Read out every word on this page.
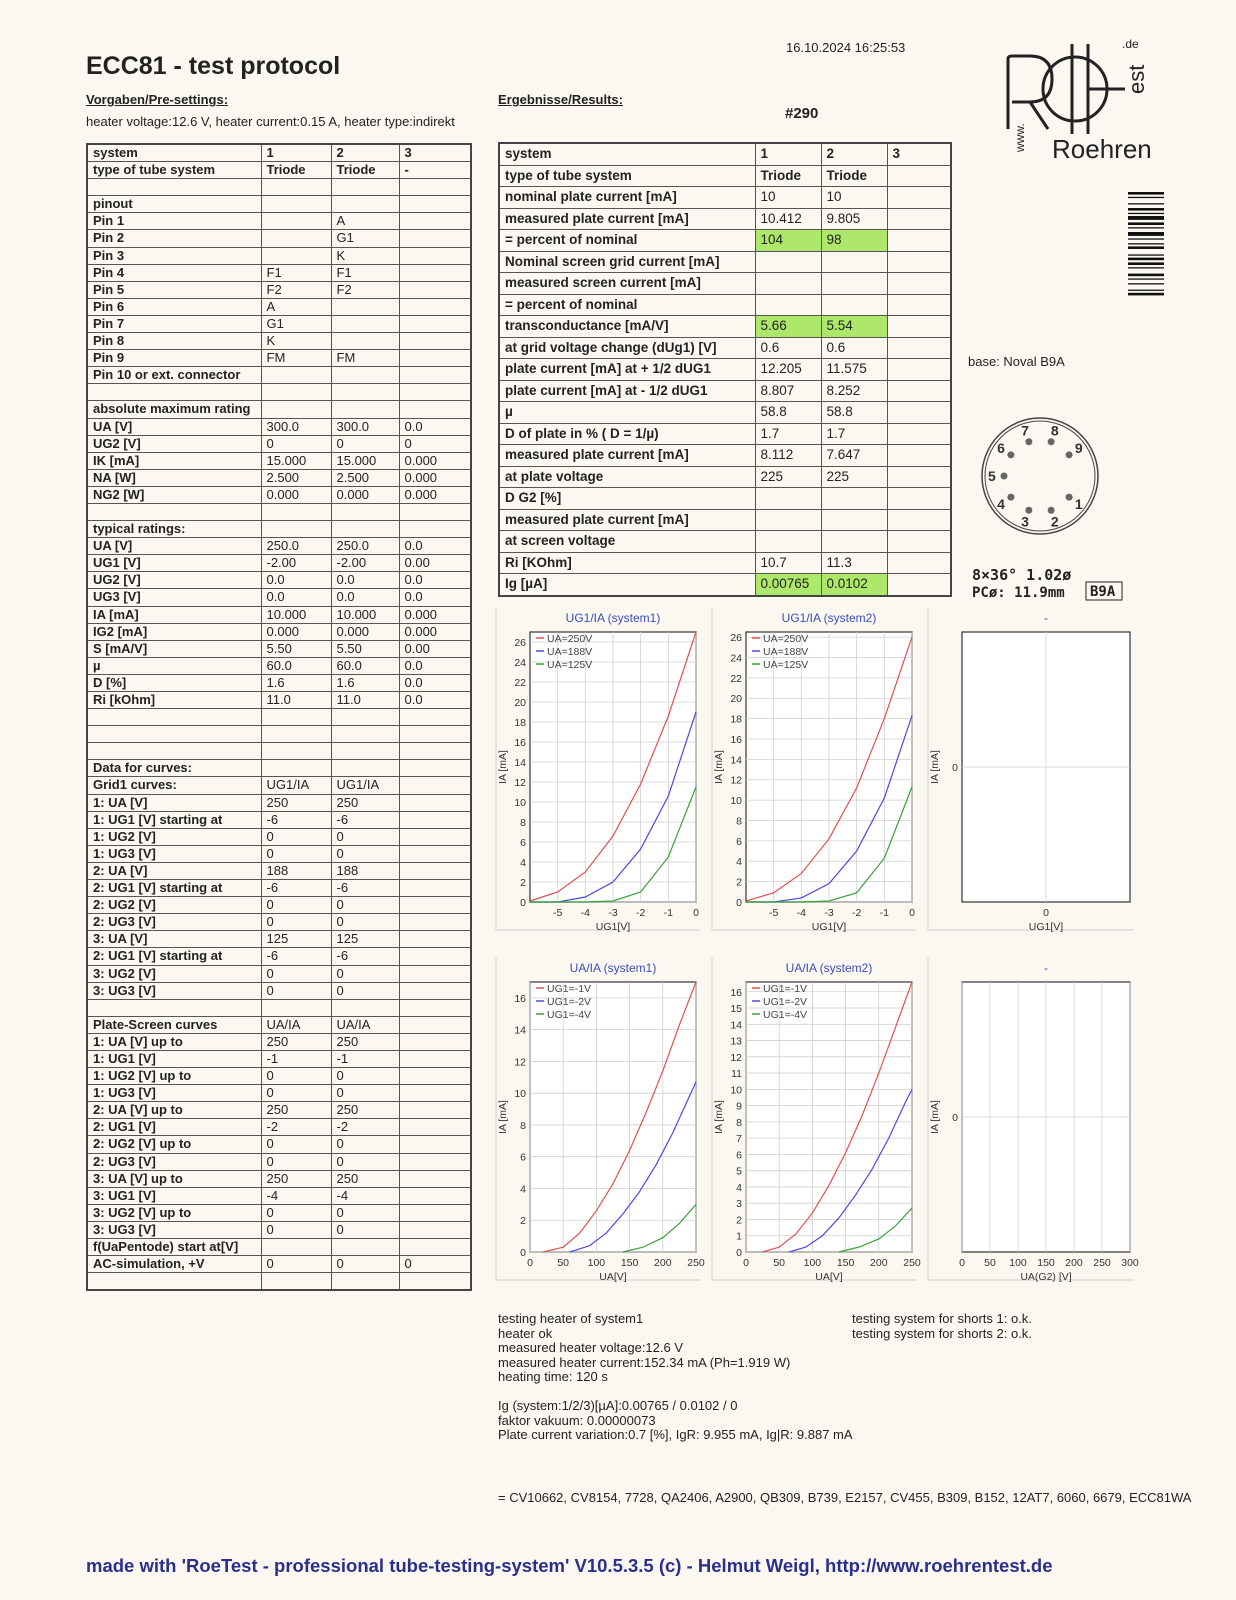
ECC81 - test protocol
16.10.2024 16:25:53
#290
Vorgaben/Pre-settings:
heater voltage:12.6 V, heater current:0.15 A, heater type:indirekt
Ergebnisse/Results:
system	1	2	3
type of tube system	Triode	Triode	-

pinout			
Pin 1		A	
Pin 2		G1	
Pin 3		K	
Pin 4	F1	F1	
Pin 5	F2	F2	
Pin 6	A		
Pin 7	G1		
Pin 8	K		
Pin 9	FM	FM	
Pin 10 or ext. connector			

absolute maximum rating			
UA [V]	300.0	300.0	0.0
UG2 [V]	0	0	0
IK [mA]	15.000	15.000	0.000
NA [W]	2.500	2.500	0.000
NG2 [W]	0.000	0.000	0.000

typical ratings:			
UA [V]	250.0	250.0	0.0
UG1 [V]	-2.00	-2.00	0.00
UG2 [V]	0.0	0.0	0.0
UG3 [V]	0.0	0.0	0.0
IA [mA]	10.000	10.000	0.000
IG2 [mA]	0.000	0.000	0.000
S [mA/V]	5.50	5.50	0.00
µ	60.0	60.0	0.0
D [%]	1.6	1.6	0.0
Ri [kOhm]	11.0	11.0	0.0

Data for curves:			
Grid1 curves:	UG1/IA	UG1/IA	
1: UA [V]	250	250	
1: UG1 [V] starting at	-6	-6	
1: UG2 [V]	0	0	
1: UG3 [V]	0	0	
2: UA [V]	188	188	
2: UG1 [V] starting at	-6	-6	
2: UG2 [V]	0	0	
2: UG3 [V]	0	0	
3: UA [V]	125	125	
2: UG1 [V] starting at	-6	-6	
3: UG2 [V]	0	0	
3: UG3 [V]	0	0	

Plate-Screen curves	UA/IA	UA/IA	
1: UA [V] up to	250	250	
1: UG1 [V]	-1	-1	
1: UG2 [V] up to	0	0	
1: UG3 [V]	0	0	
2: UA [V] up to	250	250	
2: UG1 [V]	-2	-2	
2: UG2 [V] up to	0	0	
2: UG3 [V]	0	0	
3: UA [V] up to	250	250	
3: UG1 [V]	-4	-4	
3: UG2 [V] up to	0	0	
3: UG3 [V]	0	0	
f(UaPentode) start at[V]			
AC-simulation, +V	0	0	0

system	1	2	3
type of tube system	Triode	Triode	
nominal plate current [mA]	10	10	
measured plate current [mA]	10.412	9.805	
= percent of nominal	104	98	
Nominal screen grid current [mA]			
measured screen current [mA]			
= percent of nominal			
transconductance [mA/V]	5.66	5.54	
at grid voltage change (dUg1) [V]	0.6	0.6	
plate current [mA] at + 1/2 dUG1	12.205	11.575	
plate current [mA] at - 1/2 dUG1	8.807	8.252	
µ	58.8	58.8	
D of plate in % ( D = 1/µ)	1.7	1.7	
measured plate current [mA]	8.112	7.647	
at plate voltage	225	225	
D G2 [%]			
measured plate current [mA]			
at screen voltage			
Ri [KOhm]	10.7	11.3	
Ig [µA]	0.00765	0.0102	
www.
est
.de
Roehren
base: Noval B9A
1
2
3
4
5
6
7 8
9
8×36° 1.02ø
PCø: 11.9mm B9A
UG1/IA (system1)
-5 -4 -3 -2 -1 0
0
2
4
6
8
10
12
14
16
18
20
22
24
26
UG1[V]
IA [mA]
UA=250V
UA=188V
UA=125V
UG1/IA (system2)
-5 -4 -3 -2 -1 0
0
2
4
6
8
10
12
14
16
18
20
22
24
26
UG1[V]
IA [mA]
UA=250V
UA=188V
UA=125V
-
0
0
UG1[V]
IA [mA]
UA/IA (system1)
0 50 100 150 200 250
0
2
4
6
8
10
12
14
16
UA[V]
IA [mA]
UG1=-1V
UG1=-2V
UG1=-4V
UA/IA (system2)
0 50 100 150 200 250
0
1
2
3
4
5
6
7
8
9
10
11
12
13
14
15
16
UA[V]
IA [mA]
UG1=-1V
UG1=-2V
UG1=-4V
-
0 50 100 150 200 250 300
0
UA(G2) [V]
IA [mA]
testing heater of system1
heater ok
measured heater voltage:12.6 V
measured heater current:152.34 mA (Ph=1.919 W)
heating time: 120 s

Ig (system:1/2/3)[µA]:0.00765 / 0.0102 / 0
faktor vakuum: 0.00000073
Plate current variation:0.7 [%], IgR: 9.955 mA, Ig|R: 9.887 mA
testing system for shorts 1: o.k.
testing system for shorts 2: o.k.
= CV10662, CV8154, 7728, QA2406, A2900, QB309, B739, E2157, CV455, B309, B152, 12AT7, 6060, 6679, ECC81WA
made with 'RoeTest - professional tube-testing-system' V10.5.3.5 (c) - Helmut Weigl, http://www.roehrentest.de
